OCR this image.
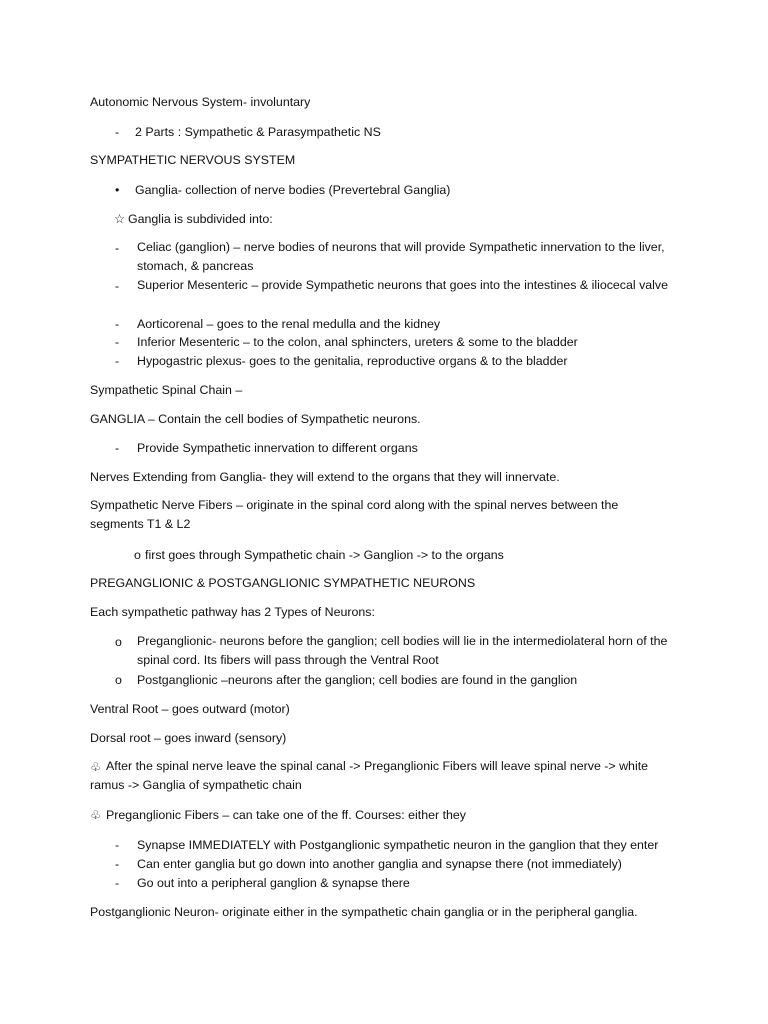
Autonomic Nervous System- involuntary
- 2 Parts : Sympathetic & Parasympathetic NS
SYMPATHETIC NERVOUS SYSTEM
• Ganglia- collection of nerve bodies (Prevertebral Ganglia)
☆ Ganglia is subdivided into:
- Celiac (ganglion) – nerve bodies of neurons that will provide Sympathetic innervation to the liver, stomach, & pancreas
- Superior Mesenteric – provide Sympathetic neurons that goes into the intestines & iliocecal valve
- Aorticorenal – goes to the renal medulla and the kidney
- Inferior Mesenteric – to the colon, anal sphincters, ureters & some to the bladder
- Hypogastric plexus- goes to the genitalia, reproductive organs & to the bladder
Sympathetic Spinal Chain –
GANGLIA – Contain the cell bodies of Sympathetic neurons.
- Provide Sympathetic innervation to different organs
Nerves Extending from Ganglia- they will extend to the organs that they will innervate.
Sympathetic Nerve Fibers – originate in the spinal cord along with the spinal nerves between the segments T1 & L2
o first goes through Sympathetic chain -> Ganglion -> to the organs
PREGANGLIONIC & POSTGANGLIONIC SYMPATHETIC NEURONS
Each sympathetic pathway has 2 Types of Neurons:
o Preganglionic- neurons before the ganglion; cell bodies will lie in the intermediolateral horn of the spinal cord. Its fibers will pass through the Ventral Root
o Postganglionic –neurons after the ganglion; cell bodies are found in the ganglion
Ventral Root – goes outward (motor)
Dorsal root – goes inward (sensory)
♧ After the spinal nerve leave the spinal canal -> Preganglionic Fibers will leave spinal nerve -> white ramus -> Ganglia of sympathetic chain
♧ Preganglionic Fibers – can take one of the ff. Courses: either they
- Synapse IMMEDIATELY with Postganglionic sympathetic neuron in the ganglion that they enter
- Can enter ganglia but go down into another ganglia and synapse there (not immediately)
- Go out into a peripheral ganglion & synapse there
Postganglionic Neuron- originate either in the sympathetic chain ganglia or in the peripheral ganglia.
